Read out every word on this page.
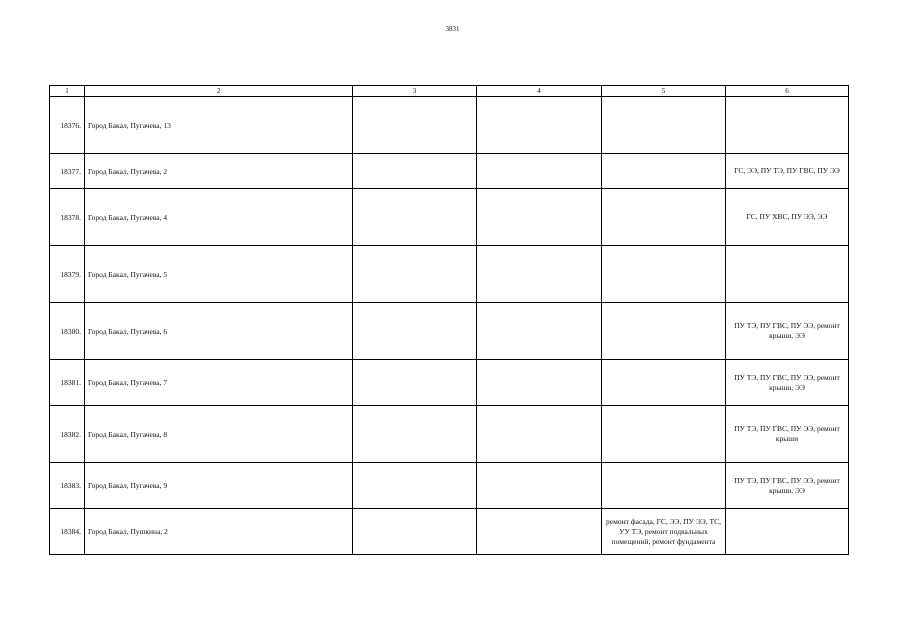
3831
1	2	3	4	5	6
18376.	Город Бакал, Пугачева, 13				
18377.	Город Бакал, Пугачева, 2				ГС, ЭЭ, ПУ ТЭ, ПУ ГВС, ПУ ЭЭ
18378.	Город Бакал, Пугачева, 4				ГС, ПУ ХВС, ПУ ЭЭ, ЭЭ
18379.	Город Бакал, Пугачева, 5				
18380.	Город Бакал, Пугачева, 6				ПУ ТЭ, ПУ ГВС, ПУ ЭЭ, ремонт крыши, ЭЭ
18381.	Город Бакал, Пугачева, 7				ПУ ТЭ, ПУ ГВС, ПУ ЭЭ, ремонт крыши, ЭЭ
18382.	Город Бакал, Пугачева, 8				ПУ ТЭ, ПУ ГВС, ПУ ЭЭ, ремонт крыши
18383.	Город Бакал, Пугачева, 9				ПУ ТЭ, ПУ ГВС, ПУ ЭЭ, ремонт крыши, ЭЭ
18384.	Город Бакал, Пушкина, 2			ремонт фасада, ГС, ЭЭ, ПУ ЭЭ, ТС, УУ ТЭ, ремонт подвальных помещений, ремонт фундамента	
